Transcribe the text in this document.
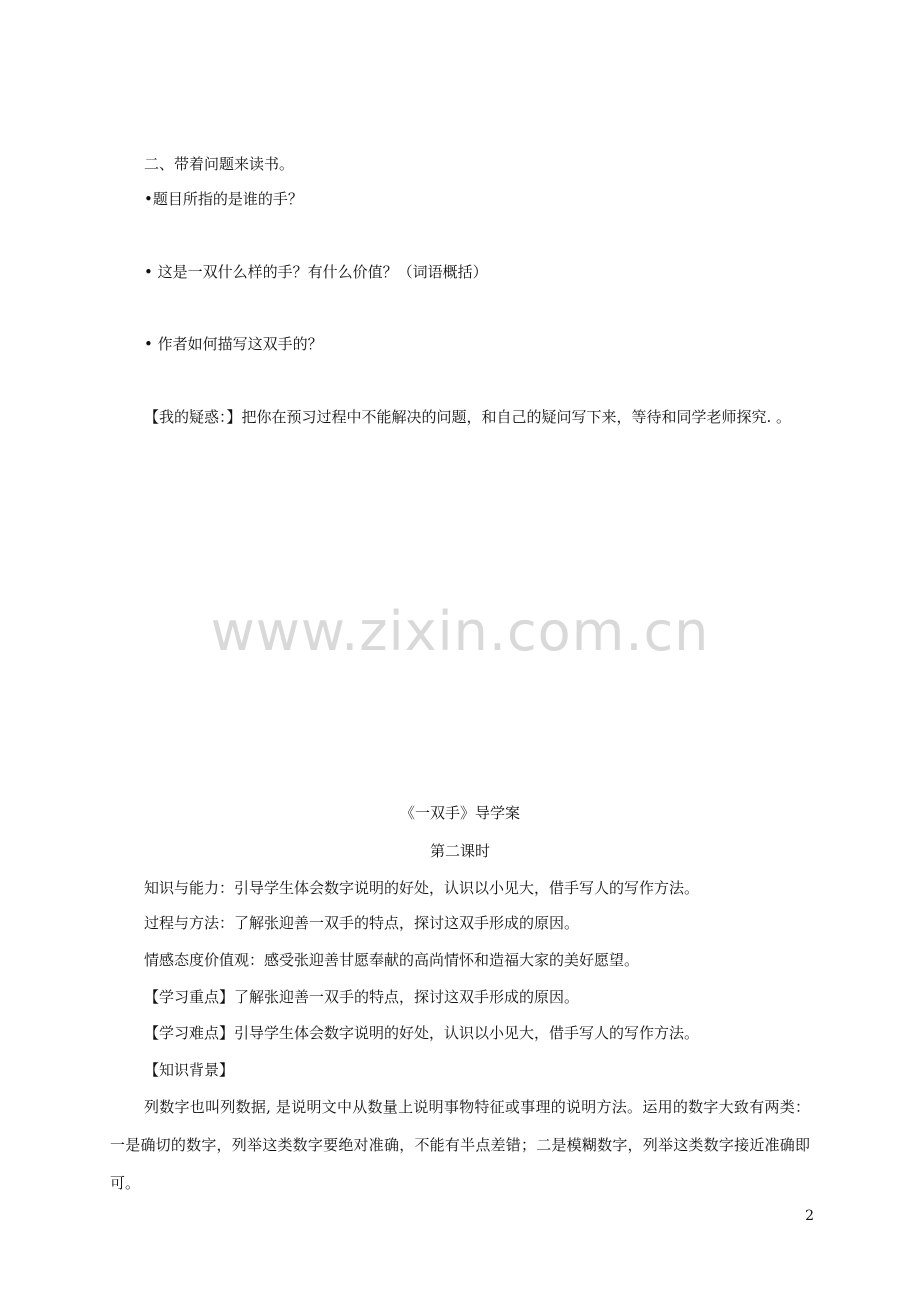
二、带着问题来读书。
•题目所指的是谁的手？
• 这是一双什么样的手？有什么价值？（词语概括）
• 作者如何描写这双手的？
【我的疑惑：】把你在预习过程中不能解决的问题，和自己的疑问写下来，等待和同学老师探究. 。
www.zixin.com.cn
《一双手》导学案
第二课时
知识与能力：引导学生体会数字说明的好处，认识以小见大，借手写人的写作方法。
过程与方法：了解张迎善一双手的特点，探讨这双手形成的原因。
情感态度价值观：感受张迎善甘愿奉献的高尚情怀和造福大家的美好愿望。
【学习重点】了解张迎善一双手的特点，探讨这双手形成的原因。
【学习难点】引导学生体会数字说明的好处，认识以小见大，借手写人的写作方法。
【知识背景】
列数字也叫列数据, 是说明文中从数量上说明事物特征或事理的说明方法。运用的数字大致有两类：一是确切的数字，列举这类数字要绝对准确，不能有半点差错；二是模糊数字，列举这类数字接近准确即可。
2
